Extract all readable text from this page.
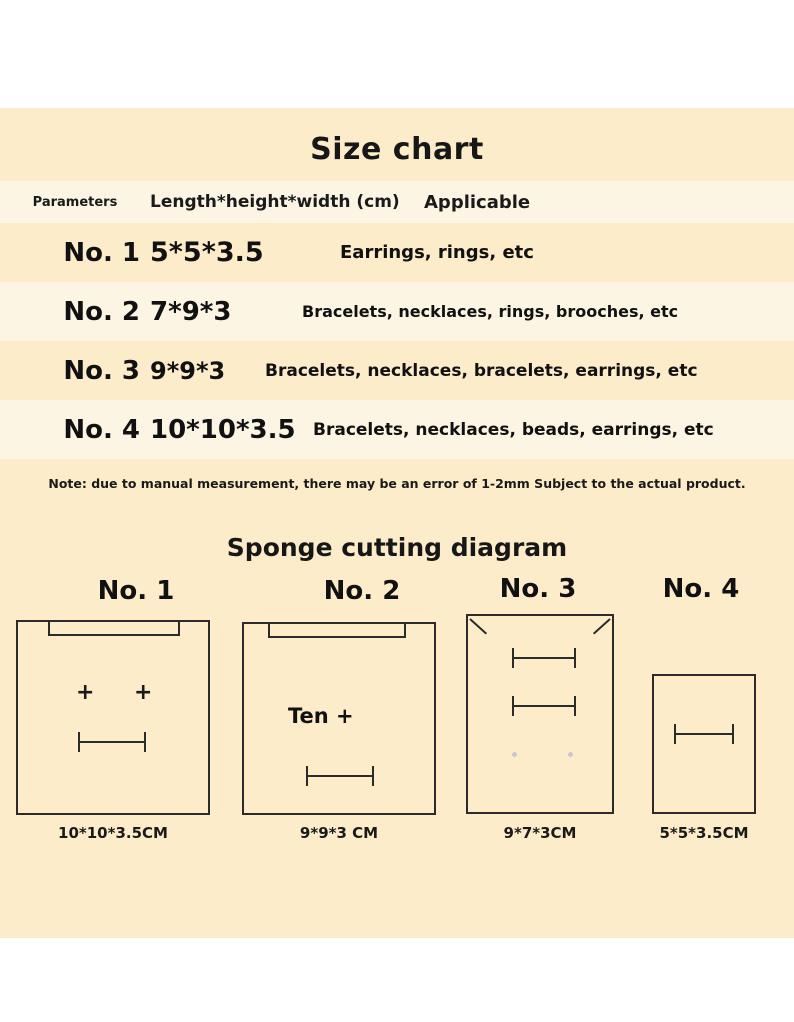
Size chart
Parameters	Length*height*width (cm)	Applicable
No. 1 5*5*3.5	Earrings, rings, etc
No. 2 7*9*3	Bracelets, necklaces, rings, brooches, etc
No. 3 9*9*3	Bracelets, necklaces, bracelets, earrings, etc
No. 4 10*10*3.5	Bracelets, necklaces, beads, earrings, etc
Note: due to manual measurement, there may be an error of 1-2mm Subject to the actual product.
Sponge cutting diagram
No. 1
+ +
10*10*3.5CM
No. 2
Ten +
9*9*3 CM
No. 3
9*7*3CM
No. 4
5*5*3.5CM
